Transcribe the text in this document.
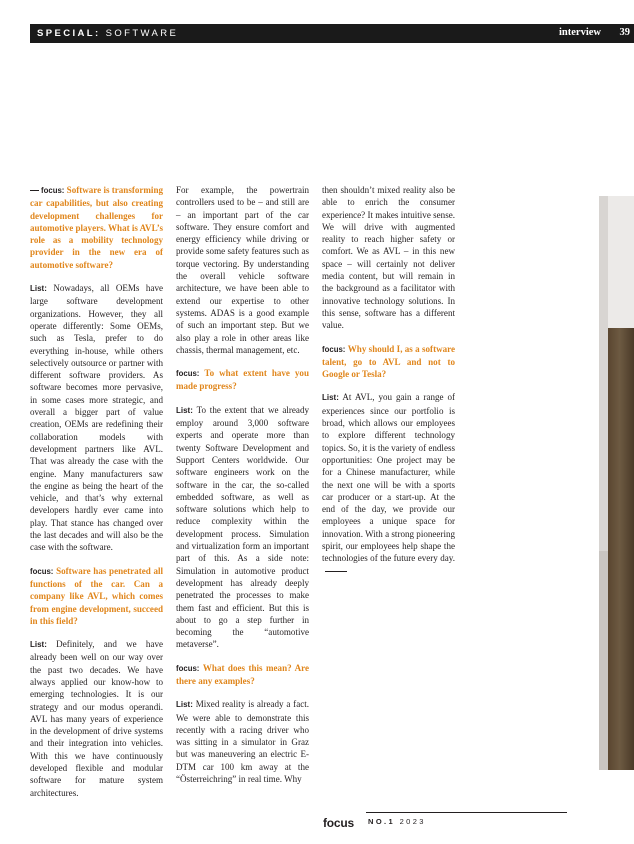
SPECIAL: SOFTWARE	interview 39

focus: Software is transforming car capabilities, but also creating development challenges for automotive players. What is AVL’s role as a mobility technology provider in the new era of automotive software?

List: Nowadays, all OEMs have large software development organizations. However, they all operate differently: Some OEMs, such as Tesla, prefer to do everything in-house, while others selectively outsource or partner with different software providers. As software becomes more pervasive, in some cases more strategic, and overall a bigger part of value creation, OEMs are redefining their collaboration models with development partners like AVL. That was already the case with the engine. Many manufacturers saw the engine as being the heart of the vehicle, and that’s why external developers hardly ever came into play. That stance has changed over the last decades and will also be the case with the software.

focus: Software has penetrated all functions of the car. Can a company like AVL, which comes from engine development, succeed in this field?

List: Definitely, and we have already been well on our way over the past two decades. We have always applied our know-how to emerging technologies. It is our strategy and our modus operandi. AVL has many years of experience in the development of drive systems and their integration into vehicles. With this we have continuously developed flexible and modular software for mature system architectures.

For example, the powertrain controllers used to be – and still are – an important part of the car software. They ensure comfort and energy efficiency while driving or provide some safety features such as torque vectoring. By understanding the overall vehicle software architecture, we have been able to extend our expertise to other systems. ADAS is a good example of such an important step. But we also play a role in other areas like chassis, thermal management, etc.

focus: To what extent have you made progress?

List: To the extent that we already employ around 3,000 software experts and operate more than twenty Software Development and Support Centers worldwide. Our software engineers work on the software in the car, the so-called embedded software, as well as software solutions which help to reduce complexity within the development process. Simulation and virtualization form an important part of this. As a side note: Simulation in automotive product development has already deeply penetrated the processes to make them fast and efficient. But this is about to go a step further in becoming the “automotive metaverse”.

focus: What does this mean? Are there any examples?

List: Mixed reality is already a fact. We were able to demonstrate this recently with a racing driver who was sitting in a simulator in Graz but was maneuvering an electric E-DTM car 100 km away at the “Österreichring” in real time. Why

then shouldn’t mixed reality also be able to enrich the consumer experience? It makes intuitive sense. We will drive with augmented reality to reach higher safety or comfort. We as AVL – in this new space – will certainly not deliver media content, but will remain in the background as a facilitator with innovative technology solutions. In this sense, software has a different value.

focus: Why should I, as a software talent, go to AVL and not to Google or Tesla?

List: At AVL, you gain a range of experiences since our portfolio is broad, which allows our employees to explore different technology topics. So, it is the variety of endless opportunities: One project may be for a Chinese manufacturer, while the next one will be with a sports car producer or a start-up. At the end of the day, we provide our employees a unique space for innovation. With a strong pioneering spirit, our employees help shape the technologies of the future every day.

focus NO.1 2023
